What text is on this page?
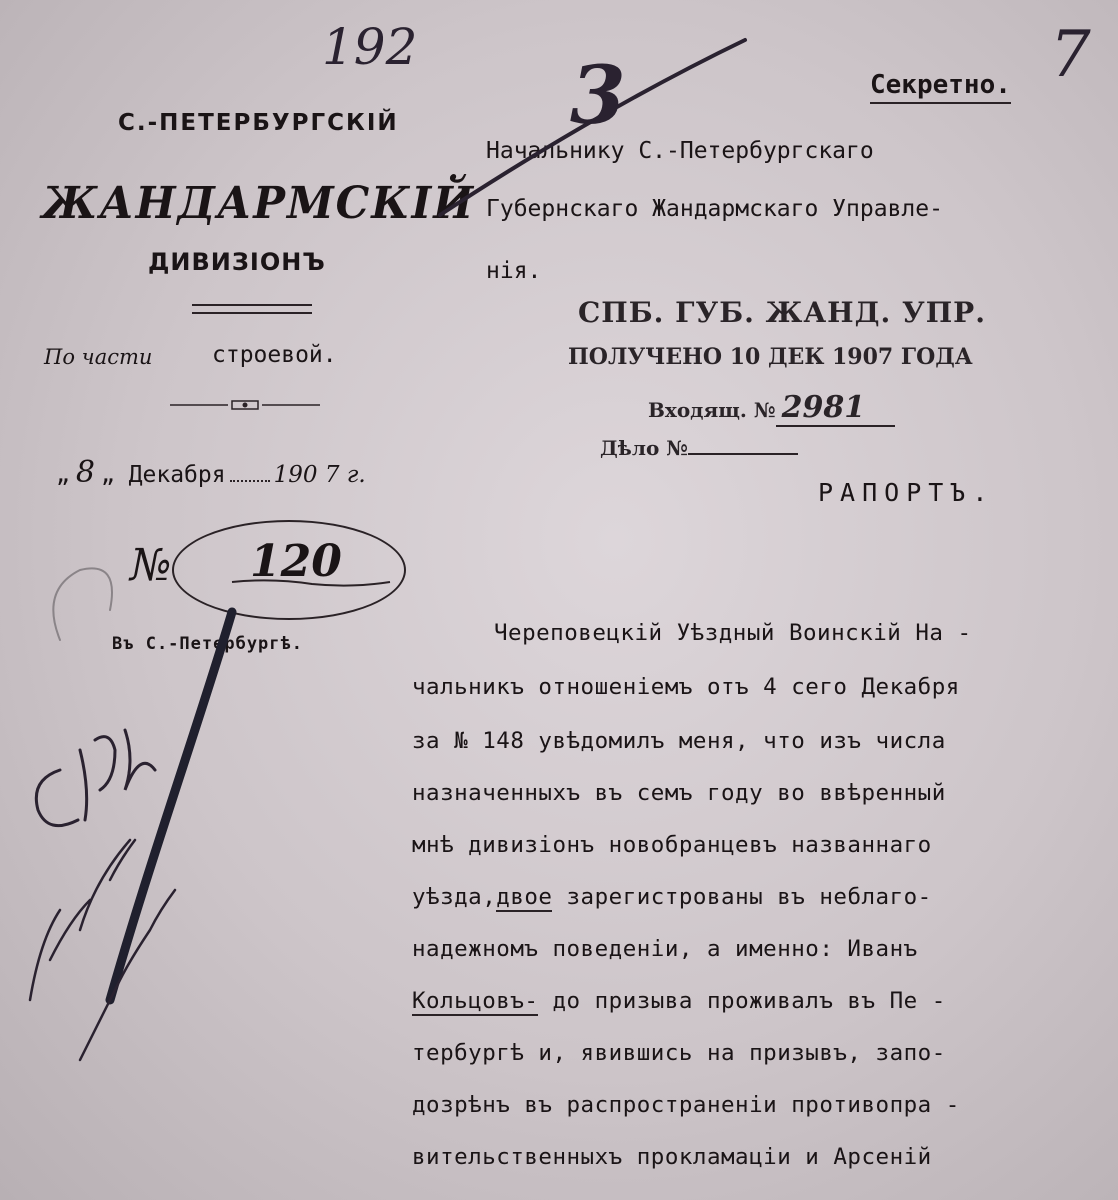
192
3	7
С.-ПЕТЕРБУРГСКІЙ
ЖАНДАРМСКІЙ
ДИВИЗІОНЪ
По части	строевой.
„ 8 „ Декабря 190 7 г.
№ 120
Въ С.-Петербургѣ.
Секретно.
Начальнику С.-Петербургскаго
Губернскаго Жандармскаго Управле-
нія.
СПБ. ГУБ. ЖАНД. УПР.
ПОЛУЧЕНО 10 ДЕК 1907 ГОДА
Входящ. № 2981
Дѣло №
РАПОРТЪ.
Череповецкій Уѣздный Воинскій На -
чальникъ отношеніемъ отъ 4 сего Декабря
за № 148 увѣдомилъ меня, что изъ числа
назначенныхъ въ семъ году во ввѣренный
мнѣ дивизіонъ новобранцевъ названнаго
уѣзда,двое зарегистрованы въ неблаго-
надежномъ поведеніи, а именно: Иванъ
Кольцовъ- до призыва проживалъ въ Пе -
тербургѣ и, явившись на призывъ, запо-
дозрѣнъ въ распространеніи противопра -
вительственныхъ прокламаціи и Арсеній
